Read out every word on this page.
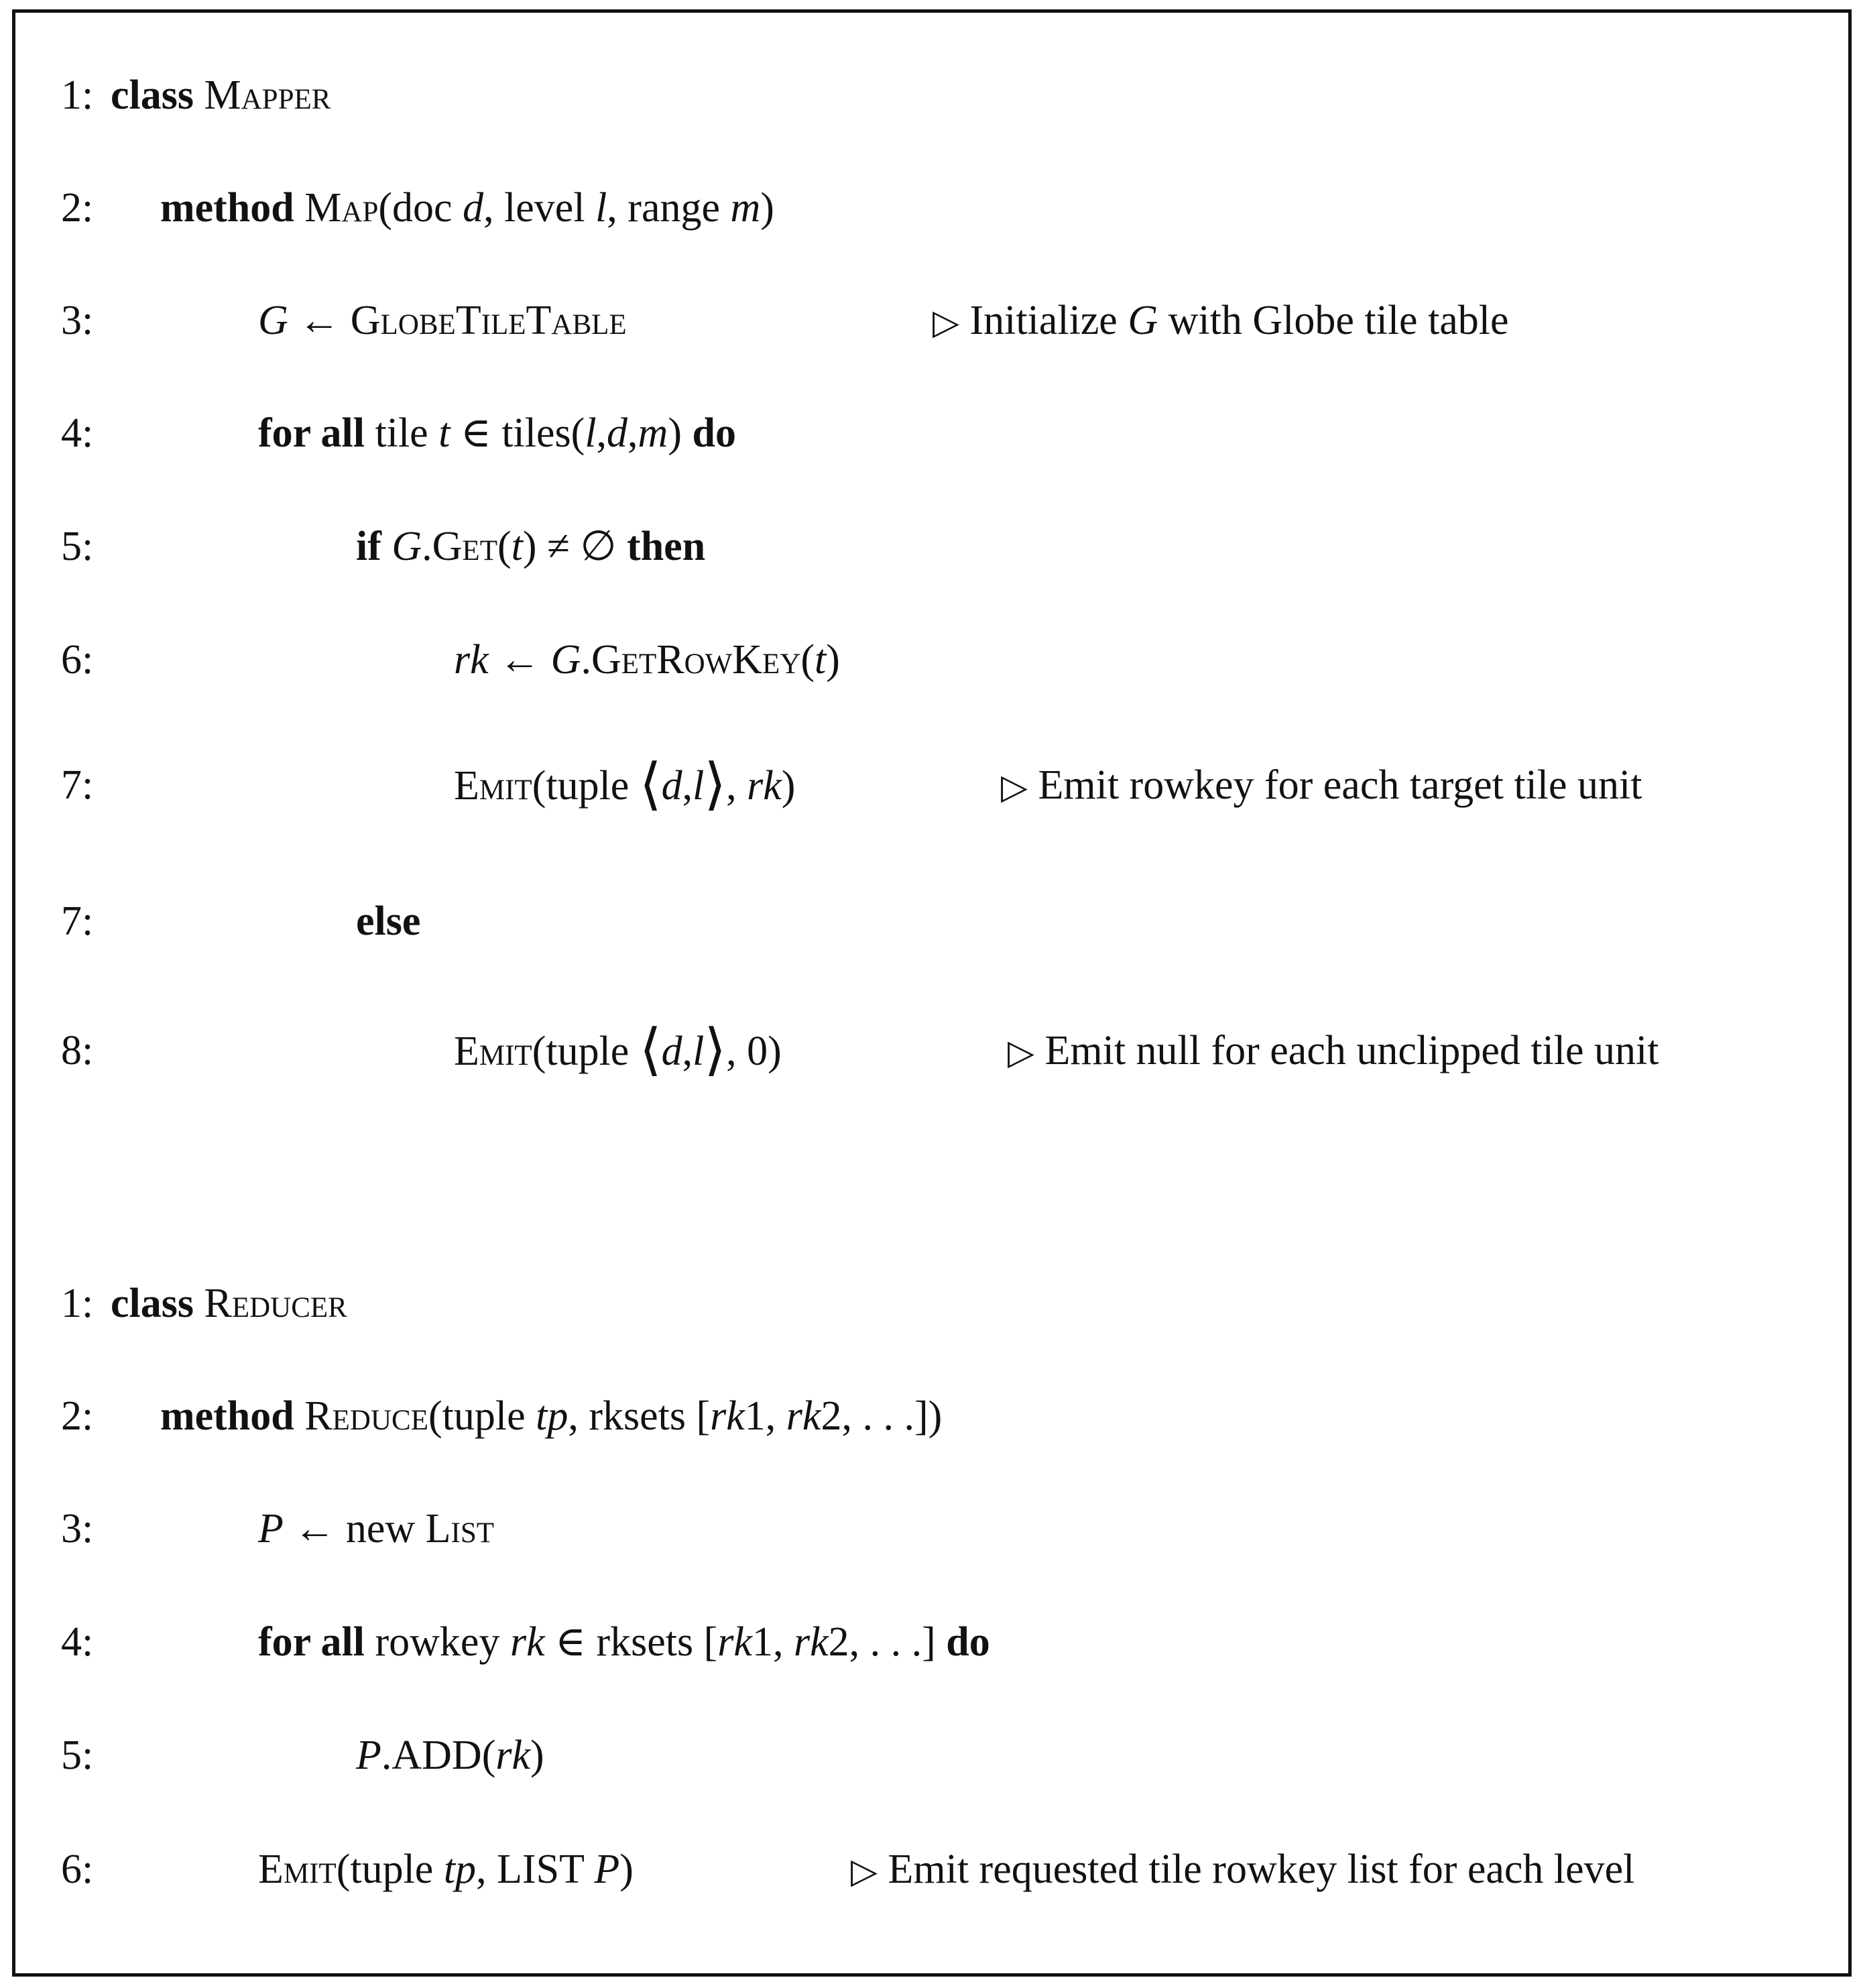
1: class Mapper
2: method Map(doc d, level l, range m)
3:	G ← GlobeTileTable	▷ Initialize G with Globe tile table
4:	for all tile t ∈ tiles(l,d,m) do
5:	if G.Get(t) ≠ ∅ then
6:	rk ← G.GetRowKey(t)
7:	Emit(tuple ⟨d,l⟩, rk)	▷ Emit rowkey for each target tile unit
7:	else
8:	Emit(tuple ⟨d,l⟩, 0)	▷ Emit null for each unclipped tile unit
1: class Reducer
2: method Reduce(tuple tp, rksets [rk1, rk2, . . .])
3:	P ← new List
4:	for all rowkey rk ∈ rksets [rk1, rk2, . . .] do
5:	P.ADD(rk)
6:	Emit(tuple tp, LIST P)	▷ Emit requested tile rowkey list for each level
